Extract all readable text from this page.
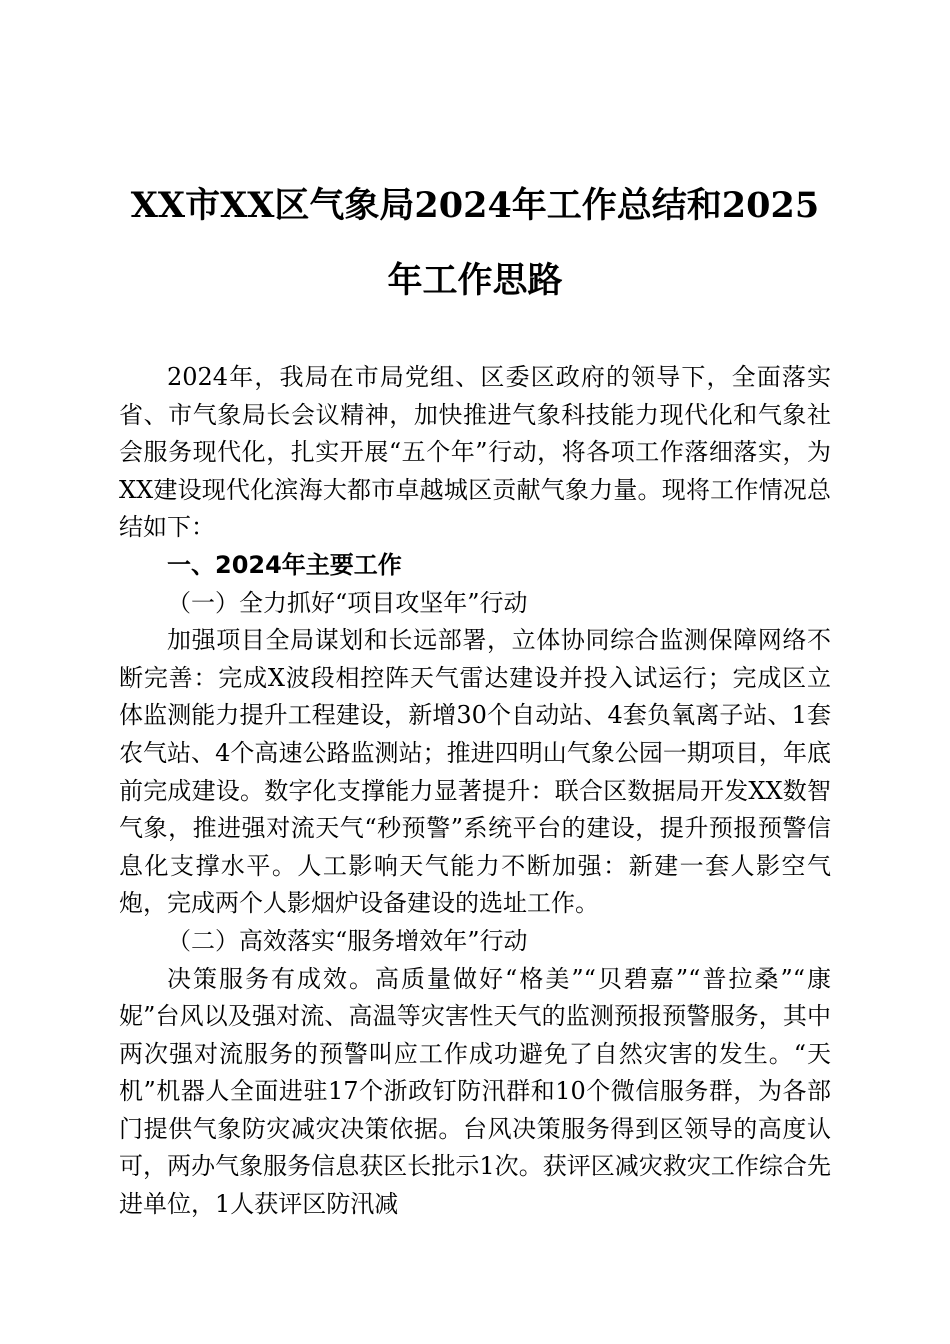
XX市XX区气象局2024年工作总结和2025
年工作思路

2024年，我局在市局党组、区委区政府的领导下，全面落实省、市气象局长会议精神，加快推进气象科技能力现代化和气象社会服务现代化，扎实开展“五个年”行动，将各项工作落细落实，为XX建设现代化滨海大都市卓越城区贡献气象力量。现将工作情况总结如下：

一、2024年主要工作

（一）全力抓好“项目攻坚年”行动

加强项目全局谋划和长远部署，立体协同综合监测保障网络不断完善：完成X波段相控阵天气雷达建设并投入试运行；完成区立体监测能力提升工程建设，新增30个自动站、4套负氧离子站、1套农气站、4个高速公路监测站；推进四明山气象公园一期项目，年底前完成建设。数字化支撑能力显著提升：联合区数据局开发XX数智气象，推进强对流天气“秒预警”系统平台的建设，提升预报预警信息化支撑水平。人工影响天气能力不断加强：新建一套人影空气炮，完成两个人影烟炉设备建设的选址工作。

（二）高效落实“服务增效年”行动

决策服务有成效。高质量做好“格美”“贝碧嘉”“普拉桑”“康妮”台风以及强对流、高温等灾害性天气的监测预报预警服务，其中两次强对流服务的预警叫应工作成功避免了自然灾害的发生。“天机”机器人全面进驻17个浙政钉防汛群和10个微信服务群，为各部门提供气象防灾减灾决策依据。台风决策服务得到区领导的高度认可，两办气象服务信息获区长批示1次。获评区减灾救灾工作综合先进单位，1人获评区防汛减
